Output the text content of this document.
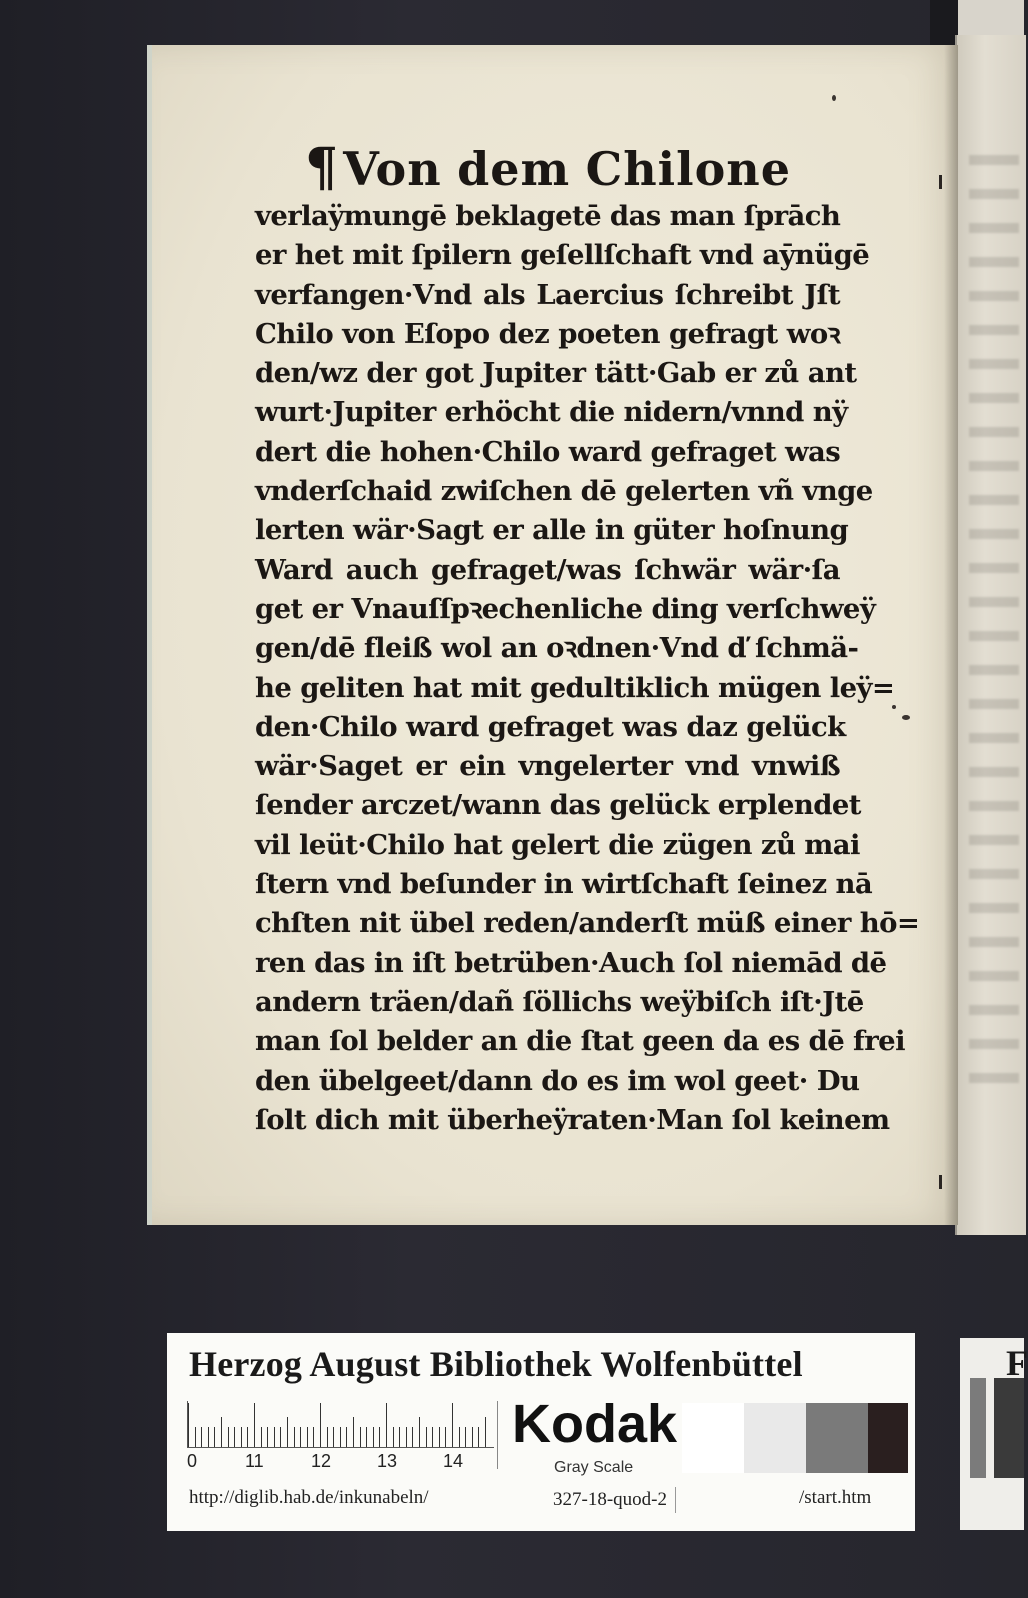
¶Von dem Chilone
verlaÿmungē beklagetē das man ſprāch
er het mit ſpilern geſellſchaft vnd aȳnügē
verfangen·Vnd als Laercius ſchreibt Jſt
Chilo von Eſopo dez poeten gefragt woꝛ
den/wz der got Jupiter tätt·Gab er zů ant
wurt·Jupiter erhöcht die nidern/vnnd nÿ
dert die hohen·Chilo ward gefraget was
vnderſchaid zwiſchen dē gelerten vñ vnge
lerten wär·Sagt er alle in güter hoſnung
Ward auch gefraget/was ſchwär wär·ſa
get er Vnauſſpꝛechenliche ding verſchweÿ
gen/dē fleiß wol an oꝛdnen·Vnd ď ſchmä-
he geliten hat mit gedultiklich mügen leÿ=
den·Chilo ward gefraget was daz gelück
wär·Saget er ein vngelerter vnd vnwiß
ſender arczet/wann das gelück erplendet
vil leüt·Chilo hat gelert die zügen zů mai
ſtern vnd beſunder in wirtſchaft ſeinez nā
chſten nit übel reden/anderſt müß einer hō=
ren das in iſt betrüben·Auch ſol niemād dē
andern träen/dañ ſöllichs weÿbiſch iſt·Jtē
man ſol belder an die ſtat geen da es dē frei
den übelgeet/dann do es im wol geet· Du
ſolt dich mit überheÿraten·Man ſol keinem
Herzog August Bibliothek Wolfenbüttel
0	11	12	13	14
Kodak
Gray Scale
http://diglib.hab.de/inkunabeln/	327-18-quod-2	/start.htm
F
